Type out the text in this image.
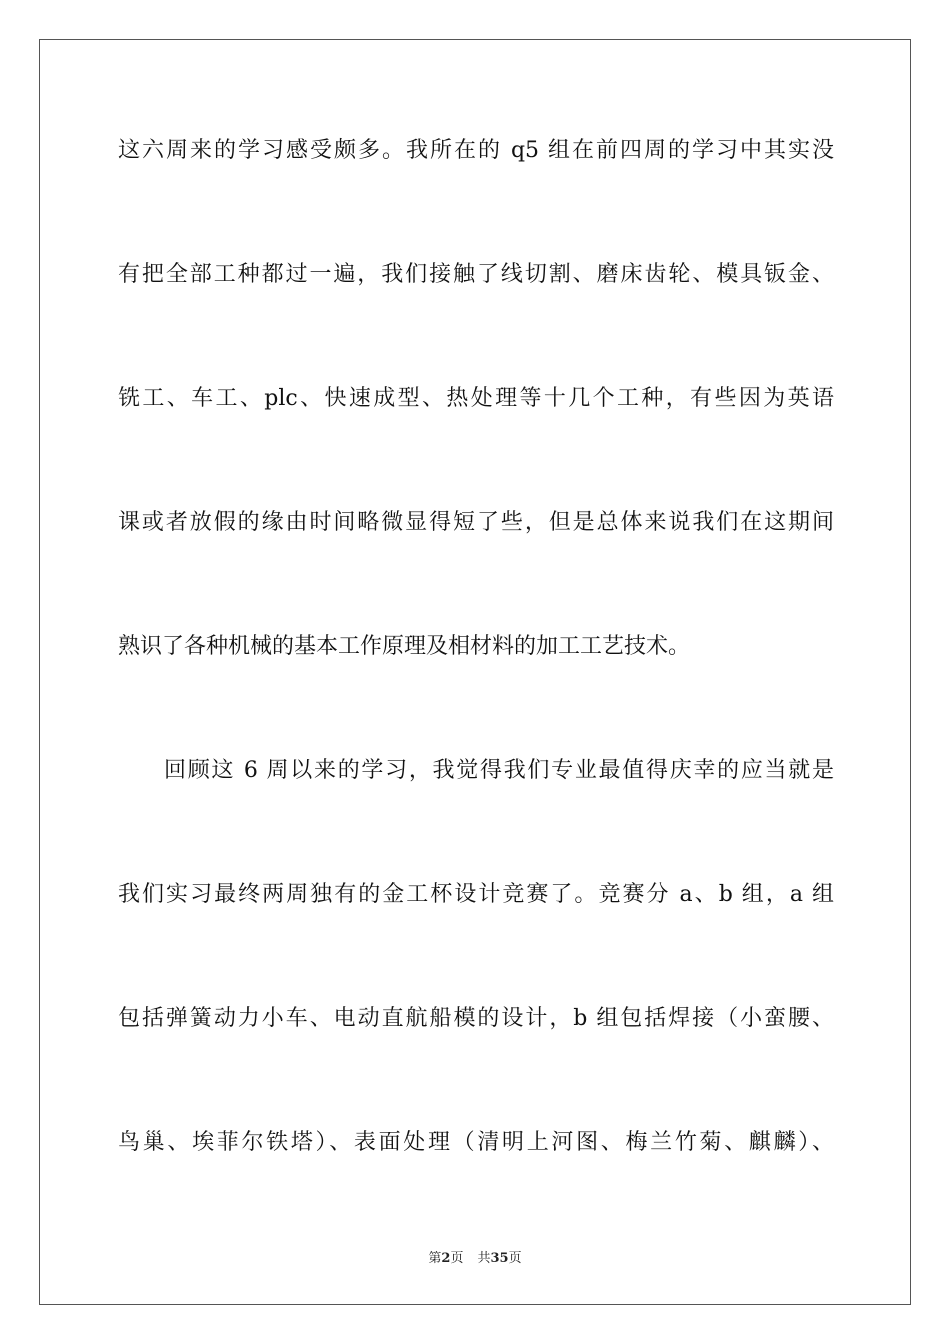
这六周来的学习感受颇多。我所在的 q5 组在前四周的学习中其实没
有把全部工种都过一遍，我们接触了线切割、磨床齿轮、模具钣金、
铣工、车工、plc、快速成型、热处理等十几个工种，有些因为英语
课或者放假的缘由时间略微显得短了些，但是总体来说我们在这期间
熟识了各种机械的基本工作原理及相材料的加工工艺技术。
回顾这 6 周以来的学习，我觉得我们专业最值得庆幸的应当就是
我们实习最终两周独有的金工杯设计竞赛了。竞赛分 a、b 组，a 组
包括弹簧动力小车、电动直航船模的设计，b 组包括焊接（小蛮腰、
鸟巢、埃菲尔铁塔）、表面处理（清明上河图、梅兰竹菊、麒麟）、
第2页 共35页
